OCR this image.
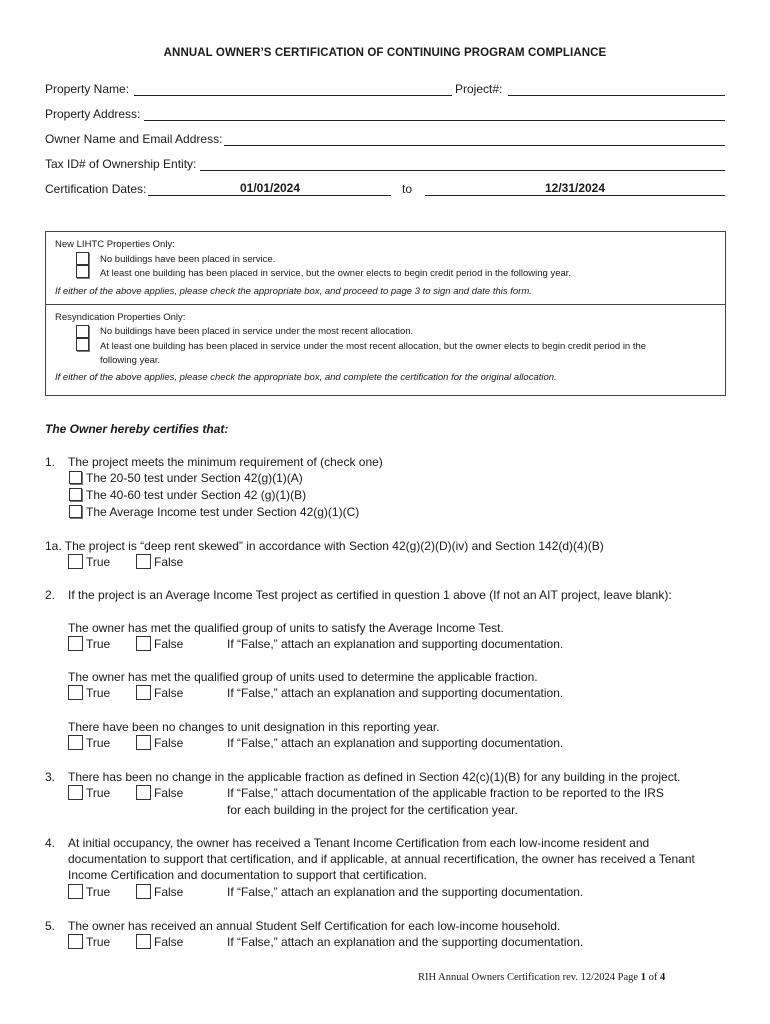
ANNUAL OWNER’S CERTIFICATION OF CONTINUING PROGRAM COMPLIANCE
Property Name:	Project#:
Property Address:
Owner Name and Email Address:
Tax ID# of Ownership Entity:
Certification Dates:	01/01/2024	to	12/31/2024
New LIHTC Properties Only:
No buildings have been placed in service.
At least one building has been placed in service, but the owner elects to begin credit period in the following year.
If either of the above applies, please check the appropriate box, and proceed to page 3 to sign and date this form.
Resyndication Properties Only:
No buildings have been placed in service under the most recent allocation.
At least one building has been placed in service under the most recent allocation, but the owner elects to begin credit period in the
following year.
If either of the above applies, please check the appropriate box, and complete the certification for the original allocation.
The Owner hereby certifies that:
1. The project meets the minimum requirement of (check one)
The 20-50 test under Section 42(g)(1)(A)
The 40-60 test under Section 42 (g)(1)(B)
The Average Income test under Section 42(g)(1)(C)
1a. The project is “deep rent skewed” in accordance with Section 42(g)(2)(D)(iv) and Section 142(d)(4)(B)
True	False
2. If the project is an Average Income Test project as certified in question 1 above (If not an AIT project, leave blank):
The owner has met the qualified group of units to satisfy the Average Income Test.
True	False	If “False,” attach an explanation and supporting documentation.
The owner has met the qualified group of units used to determine the applicable fraction.
True	False	If “False,” attach an explanation and supporting documentation.
There have been no changes to unit designation in this reporting year.
True	False	If “False,” attach an explanation and supporting documentation.
3. There has been no change in the applicable fraction as defined in Section 42(c)(1)(B) for any building in the project.
True	False	If “False,” attach documentation of the applicable fraction to be reported to the IRS
for each building in the project for the certification year.
4. At initial occupancy, the owner has received a Tenant Income Certification from each low-income resident and
documentation to support that certification, and if applicable, at annual recertification, the owner has received a Tenant
Income Certification and documentation to support that certification.
True	False	If “False,” attach an explanation and the supporting documentation.
5. The owner has received an annual Student Self Certification for each low-income household.
True	False	If “False,” attach an explanation and the supporting documentation.
RIH Annual Owners Certification rev. 12/2024 Page 1 of 4
